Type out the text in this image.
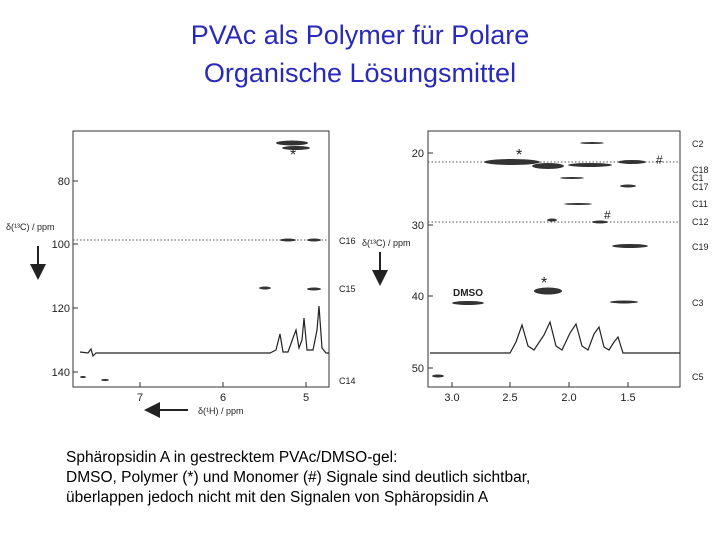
PVAc als Polymer für Polare
Organische Lösungsmittel
80
100
120
140
7	6	5
δ(¹³C) / ppm
δ(¹H) / ppm
*
C16
C15
C14
20
30
40
50
3.0	2.5	2.0	1.5
δ(¹³C) / ppm
*	#
#
*
DMSO
C2
C18
C1
C17
C11
C12
C19
C3
C5
Sphäropsidin A in gestrecktem PVAc/DMSO-gel:
DMSO, Polymer (*) und Monomer (#) Signale sind deutlich sichtbar,
überlappen jedoch nicht mit den Signalen von Sphäropsidin A
